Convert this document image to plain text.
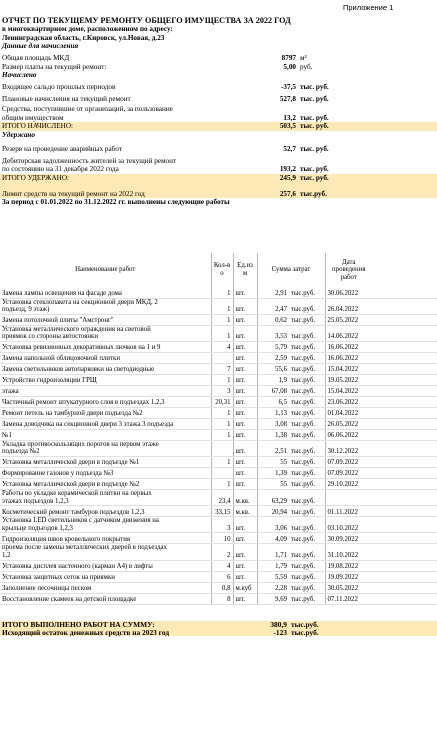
Приложение 1
ОТЧЕТ ПО ТЕКУЩЕМУ РЕМОНТУ ОБЩЕГО ИМУЩЕСТВА ЗА 2022 ГОД			
в многоквартирном доме, расположенном по адресу:			
Ленинградская область, г.Кировск, ул.Новая, д.23			
Данные для начисления			
Общая площадь МКД	8797	м²	
Размер платы на текущий ремонт:	5,00	руб.	
Начислено			
Входящее сальдо прошлых периодов	-37,5	тыс. руб.	
Плановые начисления на текущий ремонт	527,8	тыс. руб.	
Средства, поступившие от организаций, за пользование			
общим имуществом	13,2	тыс. руб.	
ИТОГО НАЧИСЛЕНО:	503,5	тыс. руб.	
Удержано			
Резерв на проведение аварийных работ	52,7	тыс. руб.	
Дебиторская задолженность жителей за текущий ремонт			
по состоянию на 31 декабря 2022 года	193,2	тыс. руб.	
ИТОГО УДЕРЖАНО:	245,9	тыс. руб.	
Лимит средств на текущий ремонт на 2022 год	257,6	тыс.руб.	
За период с 01.01.2022 по 31.12.2022 гг. выполнены следующие работы			
Наименование работ	Кол-во	Ед.изм	Сумма затрат		Дата проведения работ	

Замена лампы освещения на фасаде дома	1	шт.	2,91	тыс.руб.	30.06.2022	

Установка стеклопакета на секционной двери МКД, 2
подъезд, 9 этаж)	1	шт.	2,47	тыс.руб.	26.04.2022	

Замена потолочной плиты "Амстронг"	1	шт.	0,62	тыс.руб.	25.05.2022	

Установка металлического ограждения на световой
приямок со стороны автостоянки	1	шт.	3,53	тыс.руб.	14.06.2022	

Установка ревизионных декоративных лючков на 1 и 9	4	шт.	5,79	тыс.руб.	16.06.2022	

Замена напольной облицовочной плитки		шт.	2,59	тыс.руб.	16.06.2022	

Замена светильников автопарковки на светодиодные	7	шт.	55,6	тыс.руб.	15.04.2022	

Устройство гидроизоляции ГРЩ	1	шт.	1,9	тыс.руб.	19.05.2022	

этажа	3	шт.	67,08	тыс.руб.	15.04.2022	

Частичный ремонт штукатурного слоя в подъездах 1,2,3	20,31	шт.	6,5	тыс.руб.	23.06.2022	

Ремонт петель на тамбурной двери подъезда №2	1	шт.	1,13	тыс.руб.	01.04.2022	

Замена доводчика на секционной двери 3 этажа 3 подъезда	1	шт.	3,08	тыс.руб.	26.05.2022	

№1	1	шт.	1,38	тыс.руб.	06.06.2022	

Укладка противоскользящих порогов на первом этаже
подъезда №2		шт.	2,51	тыс.руб.	30.12.2022	

Установка металлической двери в подъезде №1	1	шт.	55	тыс.руб.	07.09.2022	

Формирование газонов у подъезда №3		шт.	1,39	тыс.руб.	07.09.2022	

Установка металлической двери в подъезде №2	1	шт.	55	тыс.руб.	29.10.2022	

Работы по укладке керамической плитки на первых
этажах подъездов 1,2,3	23,4	м.кв.	63,29	тыс.руб.		

Косметический ремонт тамбуров подъездов 1,2,3	33,15	м.кв.	20,94	тыс.руб.	01.11.2022	

Установка LED светильников с датчиком движения на
крыльце подъездов 1,2,3	3	шт.	3,06	тыс.руб.	03.10.2022	

Гидроизоляция швов кровельного покрытия	10	шт.	4,09	тыс.руб.	30.09.2022	

проема после замены металлических дверей в подъездах
1,2	2	шт.	1,71	тыс.руб.	31.10.2022	

Установка дисплея настенного (карман А4) в лифты	4	шт.	1,79	тыс.руб.	19.08.2022	

Установка защитных сеток на приямки	6	шт.	5,59	тыс.руб.	19.09.2022	

Заполнение песочницы песком	0,8	м.куб	2,28	тыс.руб.	30.05.2022	

Восстановление скамеек на детской площадке	8	шт.	9,69	тыс.руб.	07.11.2022	

ИТОГО ВЫПОЛНЕНО РАБОТ НА СУММУ:			380,9	тыс.руб.		
Исходящий остаток денежных средств на 2023 год			-123	тыс.руб.		
